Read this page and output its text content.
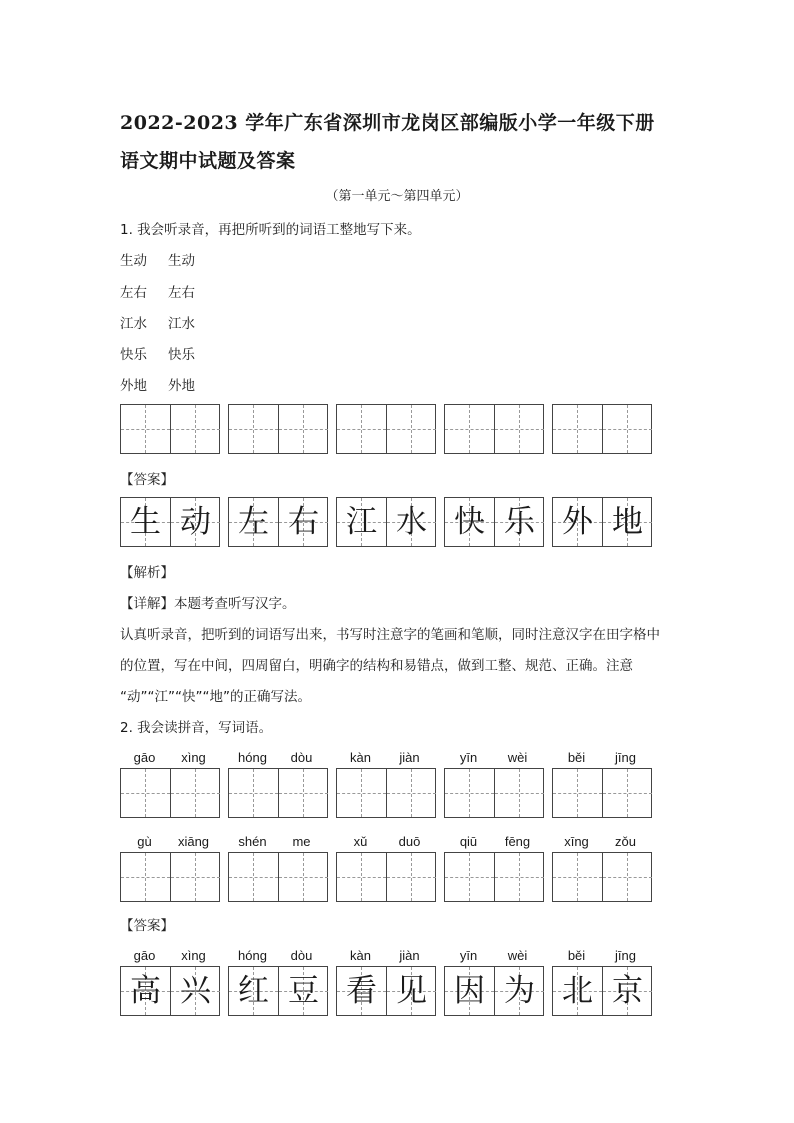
2022-2023 学年广东省深圳市龙岗区部编版小学一年级下册
语文期中试题及答案
（第一单元～第四单元）
1. 我会听录音，再把所听到的词语工整地写下来。
生动 生动
左右 左右
江水 江水
快乐 快乐
外地 外地
【答案】
生 动 左 右 江 水 快 乐 外 地
【解析】
【详解】本题考查听写汉字。
认真听录音，把听到的词语写出来，书写时注意字的笔画和笔顺，同时注意汉字在田字格中
的位置，写在中间，四周留白，明确字的结构和易错点，做到工整、规范、正确。注意
“动”“江”“快”“地”的正确写法。
2. 我会读拼音，写词语。
gāo	xìng	hóng	dòu	kàn	jiàn	yīn	wèi	běi	jīng
gù	xiāng	shén	me	xǔ	duō	qiū	fēng	xīng	zǒu
【答案】
gāo	xìng	hóng	dòu	kàn	jiàn	yīn	wèi	běi	jīng
高 兴 红 豆 看 见 因 为 北 京
